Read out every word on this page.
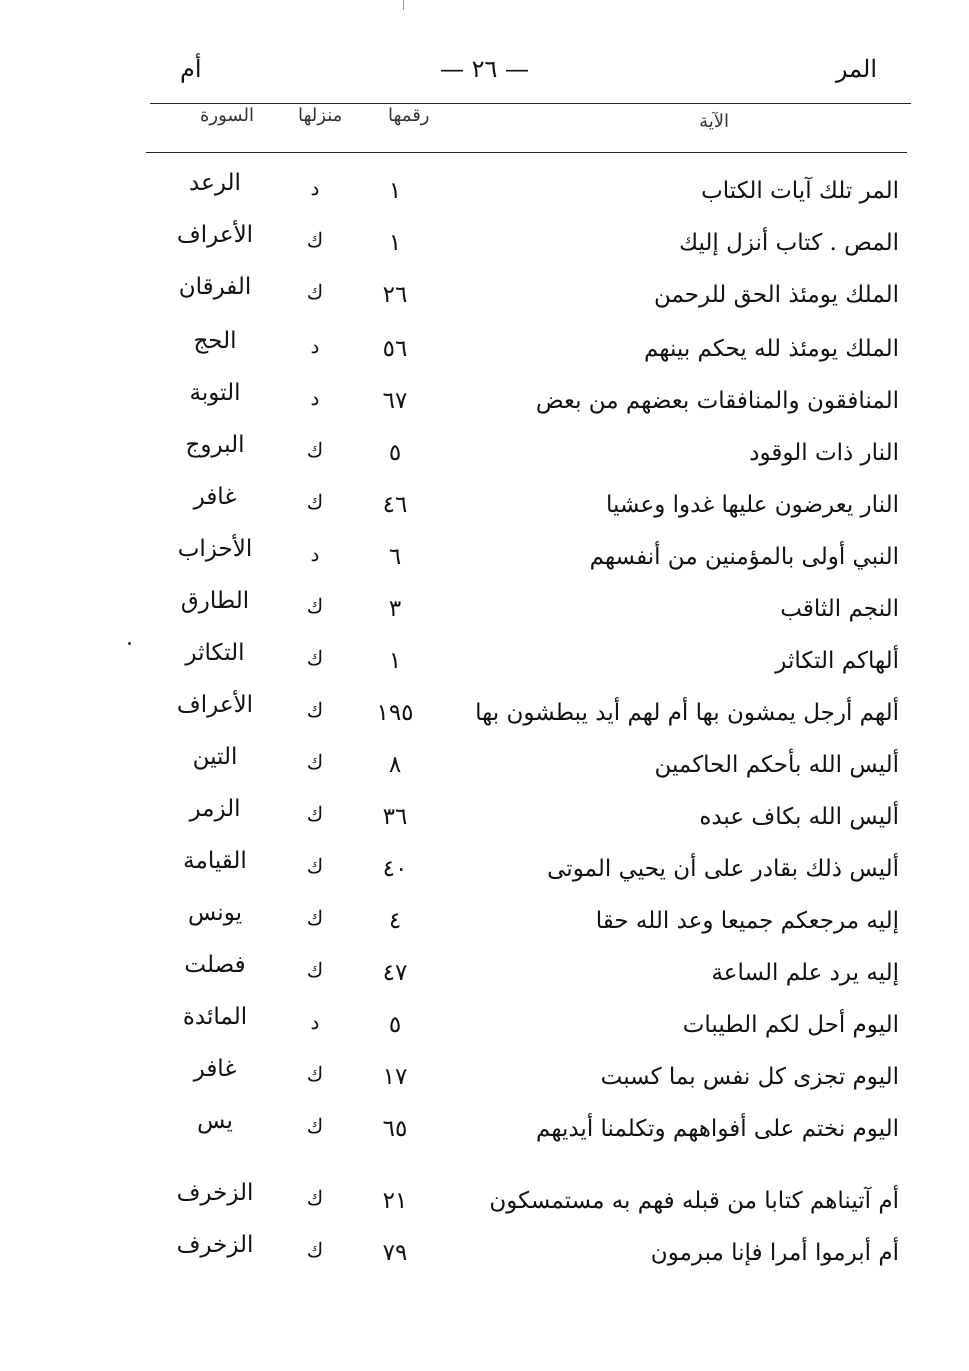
المر
— ٢٦ —
أم
الآية
رقمها
منزلها
السورة
المر تلك آيات الكتاب
١
د
الرعد
المص . كتاب أنزل إليك
١
ك
الأعراف
الملك يومئذ الحق للرحمن
٢٦
ك
الفرقان
الملك يومئذ لله يحكم بينهم
٥٦
د
الحج
المنافقون والمنافقات بعضهم من بعض
٦٧
د
التوبة
النار ذات الوقود
٥
ك
البروج
النار يعرضون عليها غدوا وعشيا
٤٦
ك
غافر
النبي أولى بالمؤمنين من أنفسهم
٦
د
الأحزاب
النجم الثاقب
٣
ك
الطارق
ألهاكم التكاثر
١
ك
التكاثر
ألهم أرجل يمشون بها أم لهم أيد يبطشون بها
١٩٥
ك
الأعراف
أليس الله بأحكم الحاكمين
٨
ك
التين
أليس الله بكاف عبده
٣٦
ك
الزمر
أليس ذلك بقادر على أن يحيي الموتى
٤٠
ك
القيامة
إليه مرجعكم جميعا وعد الله حقا
٤
ك
يونس
إليه يرد علم الساعة
٤٧
ك
فصلت
اليوم أحل لكم الطيبات
٥
د
المائدة
اليوم تجزى كل نفس بما كسبت
١٧
ك
غافر
اليوم نختم على أفواههم وتكلمنا أيديهم
٦٥
ك
يس
أم آتيناهم كتابا من قبله فهم به مستمسكون
٢١
ك
الزخرف
أم أبرموا أمرا فإنا مبرمون
٧٩
ك
الزخرف
